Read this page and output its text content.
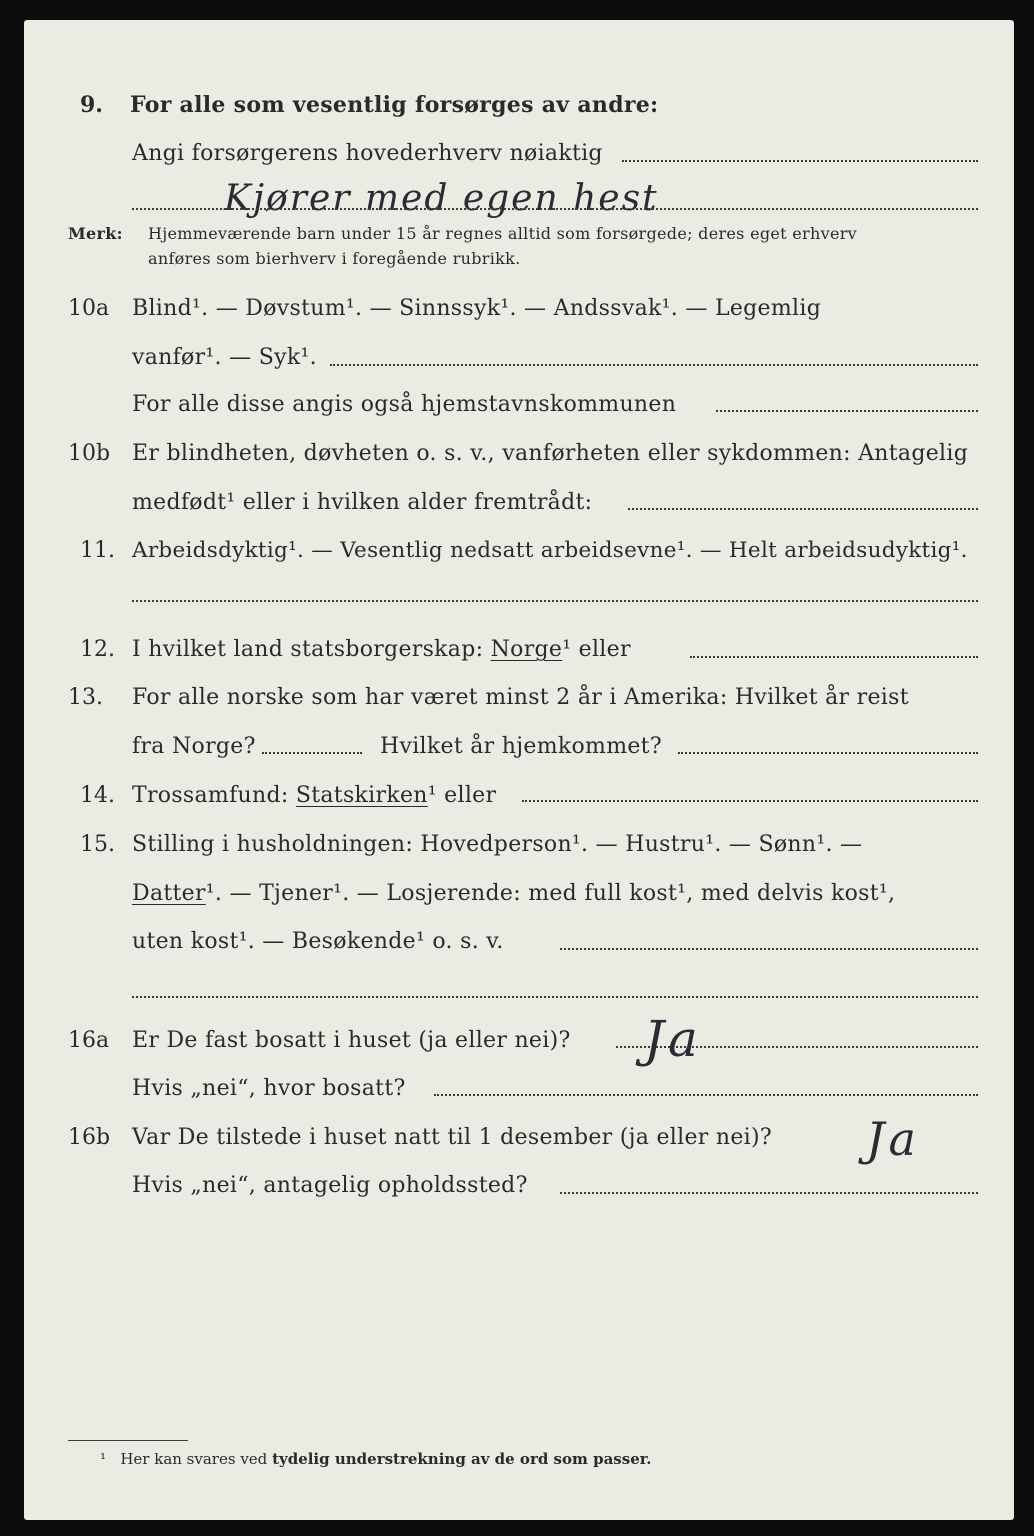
9. For alle som vesentlig forsørges av andre:
Angi forsørgerens hovederhverv nøiaktig
Kjører med egen hest
Merk: Hjemmeværende barn under 15 år regnes alltid som forsørgede; deres eget erhverv
anføres som bierhverv i foregående rubrikk.
10a Blind¹. — Døvstum¹. — Sinnssyk¹. — Andssvak¹. — Legemlig
vanfør¹. — Syk¹.
For alle disse angis også hjemstavnskommunen
10b Er blindheten, døvheten o. s. v., vanførheten eller sykdommen: Antagelig
medfødt¹ eller i hvilken alder fremtrådt:
11. Arbeidsdyktig¹. — Vesentlig nedsatt arbeidsevne¹. — Helt arbeidsudyktig¹.
12. I hvilket land statsborgerskap: Norge¹ eller
13. For alle norske som har været minst 2 år i Amerika: Hvilket år reist
fra Norge?	Hvilket år hjemkommet?
14. Trossamfund: Statskirken¹ eller
15. Stilling i husholdningen: Hovedperson¹. — Hustru¹. — Sønn¹. —
Datter¹. — Tjener¹. — Losjerende: med full kost¹, med delvis kost¹,
uten kost¹. — Besøkende¹ o. s. v.
16a Er De fast bosatt i huset (ja eller nei)? Ja
Hvis „nei“, hvor bosatt?
16b Var De tilstede i huset natt til 1 desember (ja eller nei)? Ja
Hvis „nei“, antagelig opholdssted?
¹ Her kan svares ved tydelig understrekning av de ord som passer.
